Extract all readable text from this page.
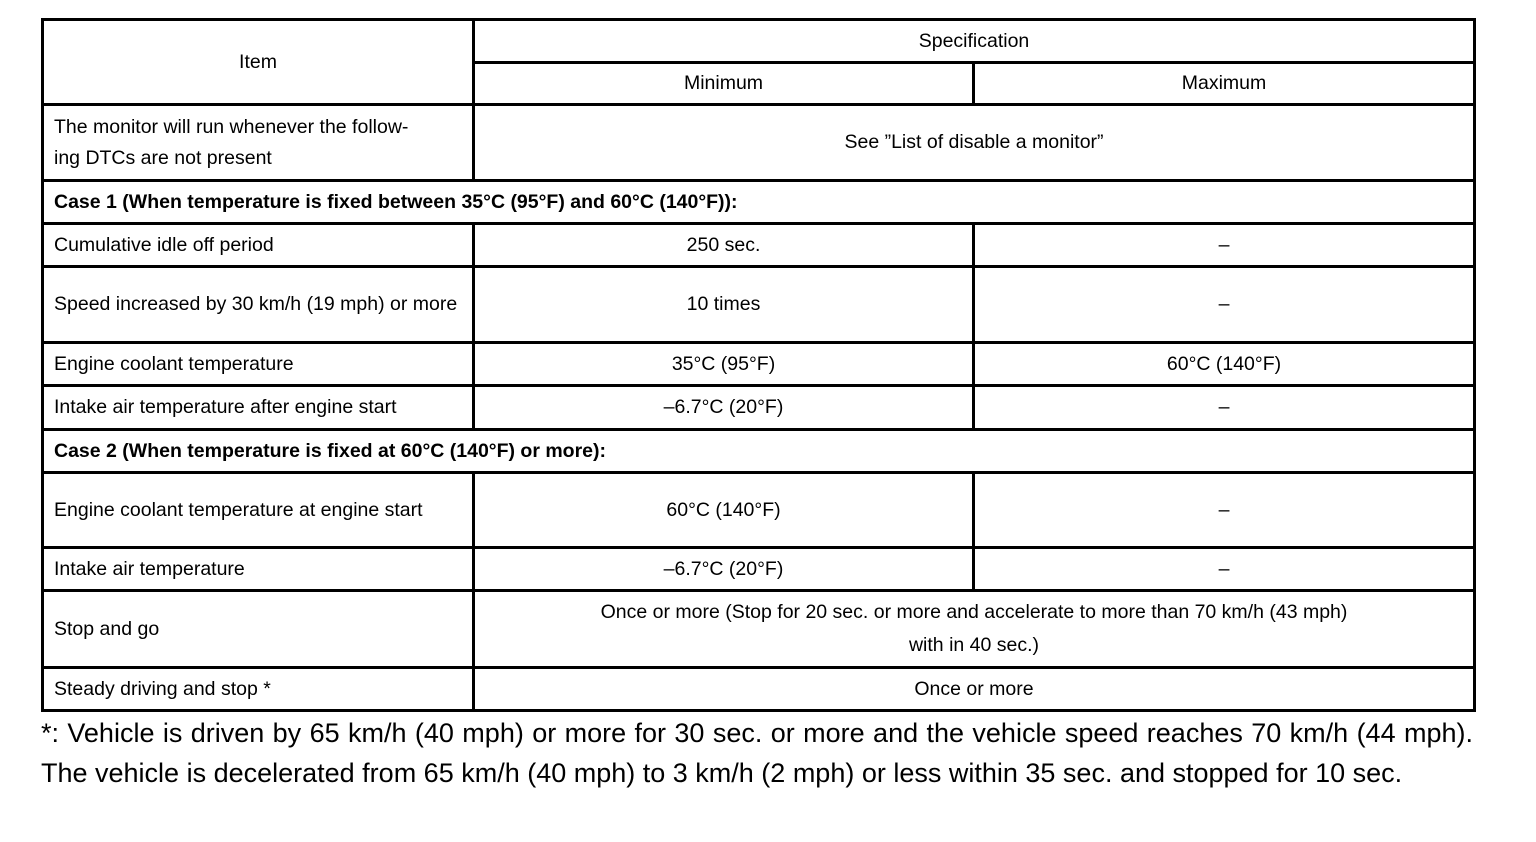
Item	Specification	
	Minimum	Maximum
The monitor will run whenever the follow-
ing DTCs are not present	See ”List of disable a monitor”	
Case 1 (When temperature is fixed between 35°C (95°F) and 60°C (140°F)):		
Cumulative idle off period	250 sec.	–
Speed increased by 30 km/h (19 mph) or more	10 times	–
Engine coolant temperature	35°C (95°F)	60°C (140°F)
Intake air temperature after engine start	–6.7°C (20°F)	–
Case 2 (When temperature is fixed at 60°C (140°F) or more):		
Engine coolant temperature at engine start	60°C (140°F)	–
Intake air temperature	–6.7°C (20°F)	–
Stop and go	Once or more (Stop for 20 sec. or more and accelerate to more than 70 km/h (43 mph)
with in 40 sec.)	
Steady driving and stop *	Once or more	

*: Vehicle is driven by 65 km/h (40 mph) or more for 30 sec. or more and the vehicle speed reaches 70 km/h (44 mph). The vehicle is decelerated from 65 km/h (40 mph) to 3 km/h (2 mph) or less within 35 sec. and stopped for 10 sec.
